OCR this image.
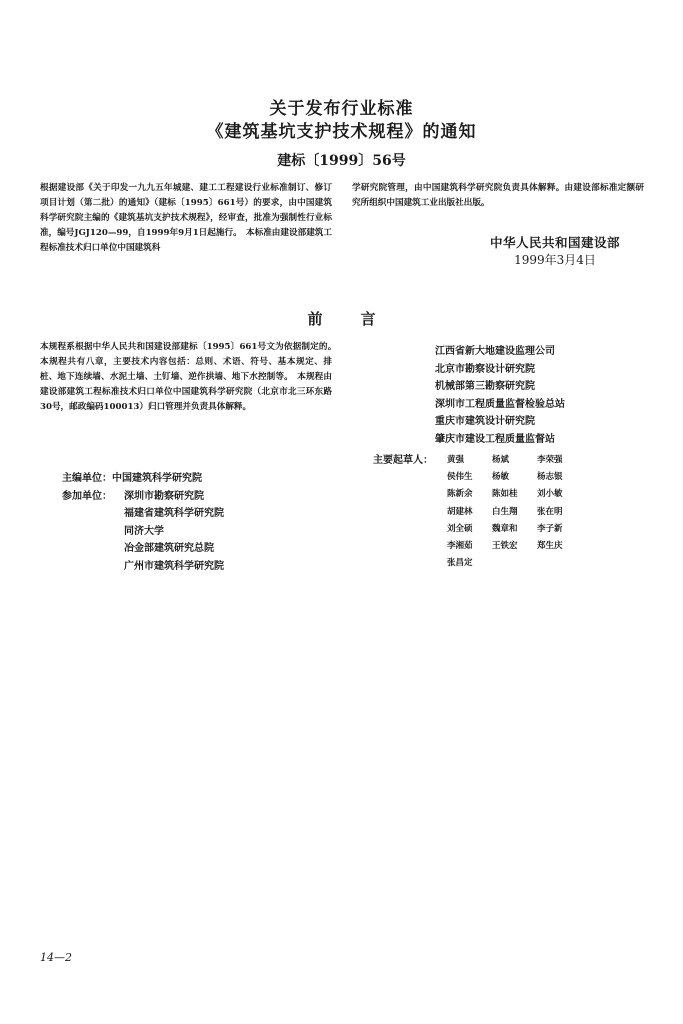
关于发布行业标准
《建筑基坑支护技术规程》的通知
建标〔1999〕56号
根据建设部《关于印发一九九五年城建、建工工程建设行业标准制订、修订项目计划（第二批）的通知》（建标〔1995〕661号）的要求，由中国建筑科学研究院主编的《建筑基坑支护技术规程》，经审查，批准为强制性行业标准，编号JGJ120—99，自1999年9月1日起施行。　本标准由建设部建筑工程标准技术归口单位中国建筑科
学研究院管理，由中国建筑科学研究院负责具体解释。由建设部标准定额研究所组织中国建筑工业出版社出版。
中华人民共和国建设部
1999年3月4日
前言
本规程系根据中华人民共和国建设部建标〔1995〕661号文为依据制定的。　本规程共有八章，主要技术内容包括：总则、术语、符号、基本规定、排桩、地下连续墙、水泥土墙、土钉墙、逆作拱墙、地下水控制等。　本规程由建设部建筑工程标准技术归口单位中国建筑科学研究院（北京市北三环东路30号，邮政编码100013）归口管理并负责具体解释。
主编单位：中国建筑科学研究院
参加单位： 深圳市勘察研究院
福建省建筑科学研究院
同济大学
冶金部建筑研究总院
广州市建筑科学研究院
江西省新大地建设监理公司
北京市勘察设计研究院
机械部第三勘察研究院
深圳市工程质量监督检验总站
重庆市建筑设计研究院
肇庆市建设工程质量监督站
主要起草人： 黄强	杨斌	李荣强
侯伟生	杨敏	杨志银
陈新余	陈如桂	刘小敏
胡建林	白生翔	张在明
刘全硕	魏章和	李子新
李湘茹	王铁宏	郑生庆
张昌定
14—2
